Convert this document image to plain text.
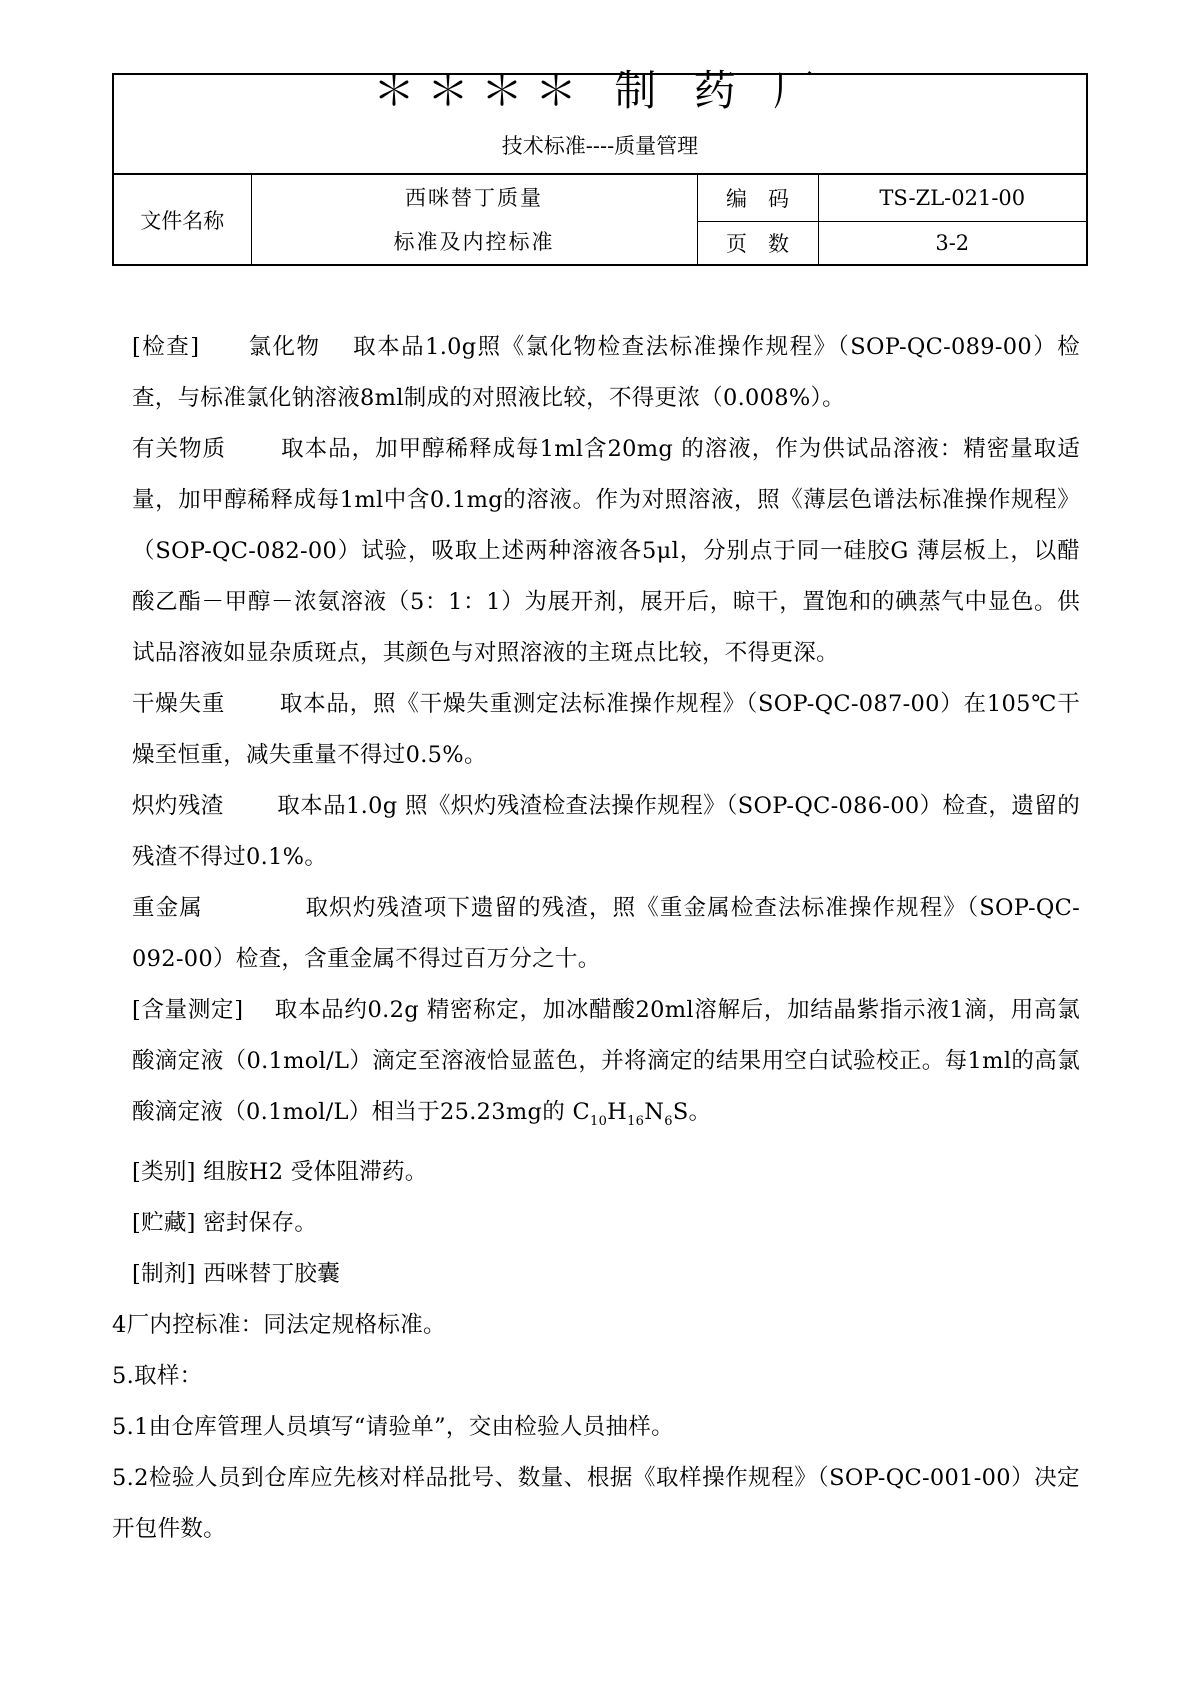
＊＊＊＊ 制 药 厂
技术标准----质量管理
文件名称	西咪替丁质量
标准及内控标准	编　码	TS-ZL-021-00
		页　数	3-2

[检查]　　氯化物　 取本品1.0g照《氯化物检查法标准操作规程》（SOP-QC-089-00）检查，与标准氯化钠溶液8ml制成的对照液比较，不得更浓（0.008%）。

有关物质　　 取本品，加甲醇稀释成每1ml含20mg 的溶液，作为供试品溶液：精密量取适量，加甲醇稀释成每1ml中含0.1mg的溶液。作为对照溶液，照《薄层色谱法标准操作规程》（SOP-QC-082-00）试验，吸取上述两种溶液各5μl，分别点于同一硅胶G 薄层板上，以醋酸乙酯－甲醇－浓氨溶液（5：1：1）为展开剂，展开后，晾干，置饱和的碘蒸气中显色。供试品溶液如显杂质斑点，其颜色与对照溶液的主斑点比较，不得更深。

干燥失重　　 取本品，照《干燥失重测定法标准操作规程》（SOP-QC-087-00）在105℃干燥至恒重，减失重量不得过0.5%。

炽灼残渣　　 取本品1.0g 照《炽灼残渣检查法操作规程》（SOP-QC-086-00）检查，遗留的残渣不得过0.1%。

重金属　　　　	取炽灼残渣项下遗留的残渣，照《重金属检查法标准操作规程》（SOP-QC-092-00）检查，含重金属不得过百万分之十。

[含量测定]　 取本品约0.2g 精密称定，加冰醋酸20ml溶解后，加结晶紫指示液1滴，用高氯酸滴定液（0.1mol/L）滴定至溶液恰显蓝色，并将滴定的结果用空白试验校正。每1ml的高氯酸滴定液（0.1mol/L）相当于25.23mg的 $C_{10}H_{16}N_6S$。

[类别] 组胺H2 受体阻滞药。

[贮藏] 密封保存。

[制剂] 西咪替丁胶囊

4厂内控标准：同法定规格标准。

5.取样：

5.1由仓库管理人员填写“请验单”，交由检验人员抽样。

5.2检验人员到仓库应先核对样品批号、数量、根据《取样操作规程》（SOP-QC-001-00）决定开包件数。
